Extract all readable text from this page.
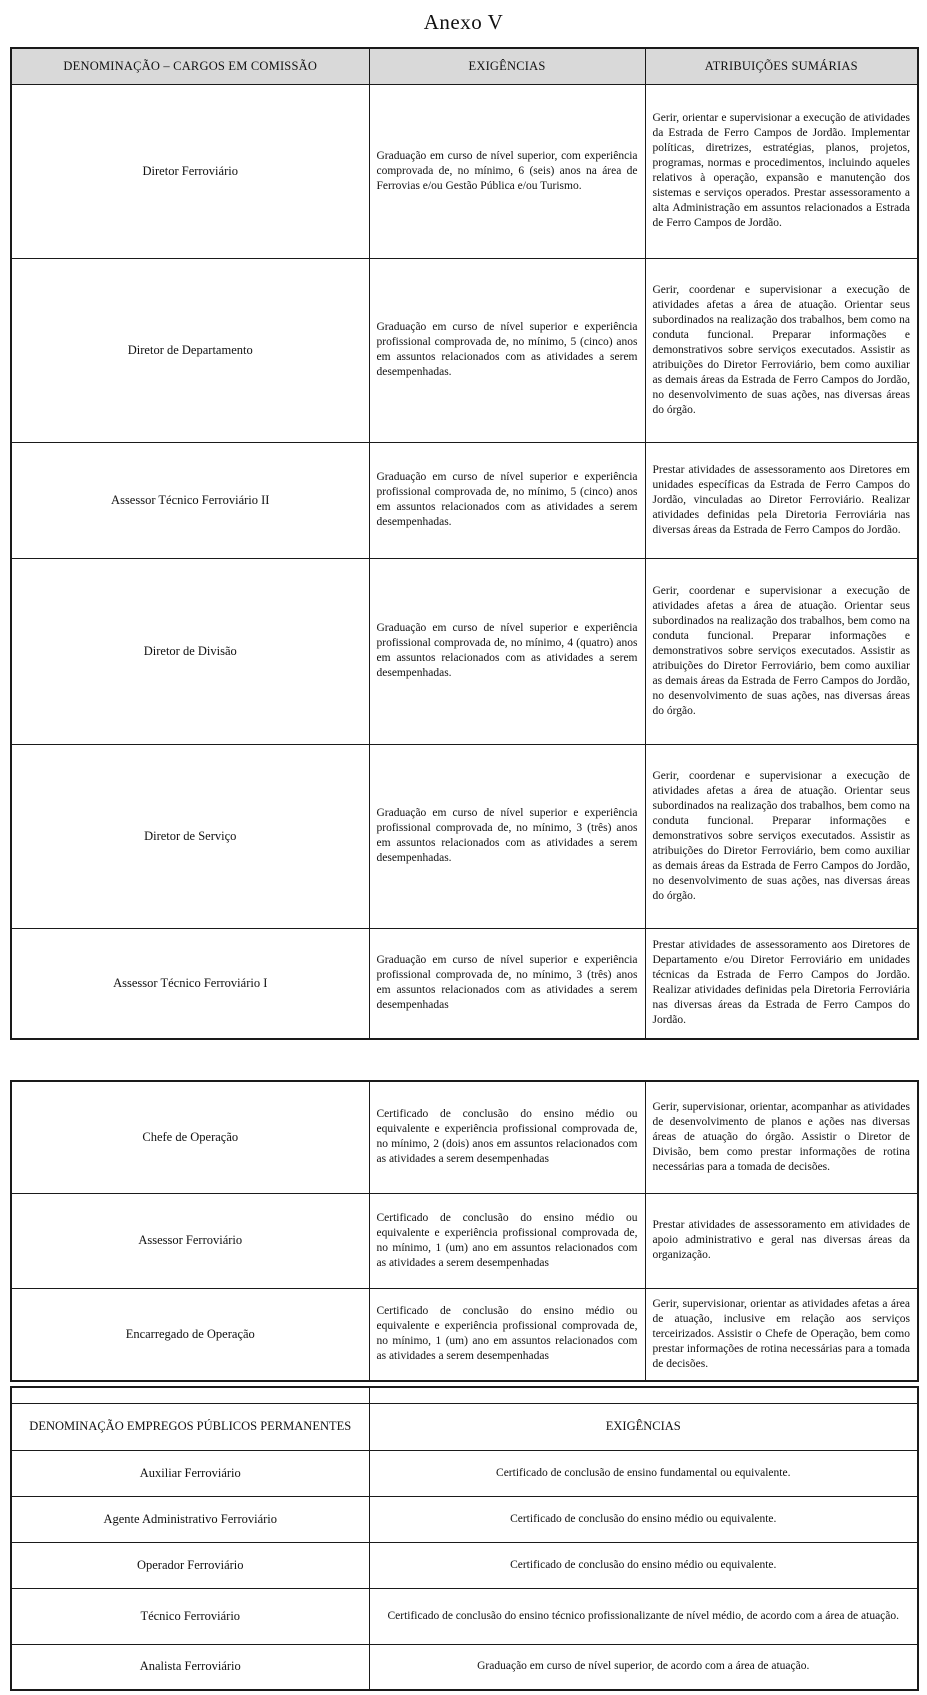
Anexo V
DENOMINAÇÃO – CARGOS EM COMISSÃO	EXIGÊNCIAS	ATRIBUIÇÕES SUMÁRIAS
Diretor Ferroviário	Graduação em curso de nível superior, com experiência comprovada de, no mínimo, 6 (seis) anos na área de Ferrovias e/ou Gestão Pública e/ou Turismo.	Gerir, orientar e supervisionar a execução de atividades da Estrada de Ferro Campos de Jordão. Implementar políticas, diretrizes, estratégias, planos, projetos, programas, normas e procedimentos, incluindo aqueles relativos à operação, expansão e manutenção dos sistemas e serviços operados. Prestar assessoramento a alta Administração em assuntos relacionados a Estrada de Ferro Campos de Jordão.
Diretor de Departamento	Graduação em curso de nível superior e experiência profissional comprovada de, no mínimo, 5 (cinco) anos em assuntos relacionados com as atividades a serem desempenhadas.	Gerir, coordenar e supervisionar a execução de atividades afetas a área de atuação. Orientar seus subordinados na realização dos trabalhos, bem como na conduta funcional. Preparar informações e demonstrativos sobre serviços executados. Assistir as atribuições do Diretor Ferroviário, bem como auxiliar as demais áreas da Estrada de Ferro Campos do Jordão, no desenvolvimento de suas ações, nas diversas áreas do órgão.
Assessor Técnico Ferroviário II	Graduação em curso de nível superior e experiência profissional comprovada de, no mínimo, 5 (cinco) anos em assuntos relacionados com as atividades a serem desempenhadas.	Prestar atividades de assessoramento aos Diretores em unidades específicas da Estrada de Ferro Campos do Jordão, vinculadas ao Diretor Ferroviário. Realizar atividades definidas pela Diretoria Ferroviária nas diversas áreas da Estrada de Ferro Campos do Jordão.
Diretor de Divisão	Graduação em curso de nível superior e experiência profissional comprovada de, no mínimo, 4 (quatro) anos em assuntos relacionados com as atividades a serem desempenhadas.	Gerir, coordenar e supervisionar a execução de atividades afetas a área de atuação. Orientar seus subordinados na realização dos trabalhos, bem como na conduta funcional. Preparar informações e demonstrativos sobre serviços executados. Assistir as atribuições do Diretor Ferroviário, bem como auxiliar as demais áreas da Estrada de Ferro Campos do Jordão, no desenvolvimento de suas ações, nas diversas áreas do órgão.
Diretor de Serviço	Graduação em curso de nível superior e experiência profissional comprovada de, no mínimo, 3 (três) anos em assuntos relacionados com as atividades a serem desempenhadas.	Gerir, coordenar e supervisionar a execução de atividades afetas a área de atuação. Orientar seus subordinados na realização dos trabalhos, bem como na conduta funcional. Preparar informações e demonstrativos sobre serviços executados. Assistir as atribuições do Diretor Ferroviário, bem como auxiliar as demais áreas da Estrada de Ferro Campos do Jordão, no desenvolvimento de suas ações, nas diversas áreas do órgão.
Assessor Técnico Ferroviário I	Graduação em curso de nível superior e experiência profissional comprovada de, no mínimo, 3 (três) anos em assuntos relacionados com as atividades a serem desempenhadas	Prestar atividades de assessoramento aos Diretores de Departamento e/ou Diretor Ferroviário em unidades técnicas da Estrada de Ferro Campos do Jordão. Realizar atividades definidas pela Diretoria Ferroviária nas diversas áreas da Estrada de Ferro Campos do Jordão.
Chefe de Operação	Certificado de conclusão do ensino médio ou equivalente e experiência profissional comprovada de, no mínimo, 2 (dois) anos em assuntos relacionados com as atividades a serem desempenhadas	Gerir, supervisionar, orientar, acompanhar as atividades de desenvolvimento de planos e ações nas diversas áreas de atuação do órgão. Assistir o Diretor de Divisão, bem como prestar informações de rotina necessárias para a tomada de decisões.
Assessor Ferroviário	Certificado de conclusão do ensino médio ou equivalente e experiência profissional comprovada de, no mínimo, 1 (um) ano em assuntos relacionados com as atividades a serem desempenhadas	Prestar atividades de assessoramento em atividades de apoio administrativo e geral nas diversas áreas da organização.
Encarregado de Operação	Certificado de conclusão do ensino médio ou equivalente e experiência profissional comprovada de, no mínimo, 1 (um) ano em assuntos relacionados com as atividades a serem desempenhadas	Gerir, supervisionar, orientar as atividades afetas a área de atuação, inclusive em relação aos serviços terceirizados. Assistir o Chefe de Operação, bem como prestar informações de rotina necessárias para a tomada de decisões.

DENOMINAÇÃO EMPREGOS PÚBLICOS PERMANENTES	EXIGÊNCIAS
Auxiliar Ferroviário	Certificado de conclusão de ensino fundamental ou equivalente.
Agente Administrativo Ferroviário	Certificado de conclusão do ensino médio ou equivalente.
Operador Ferroviário	Certificado de conclusão do ensino médio ou equivalente.
Técnico Ferroviário	Certificado de conclusão do ensino técnico profissionalizante de nível médio, de acordo com a área de atuação.
Analista Ferroviário	Graduação em curso de nível superior, de acordo com a área de atuação.
